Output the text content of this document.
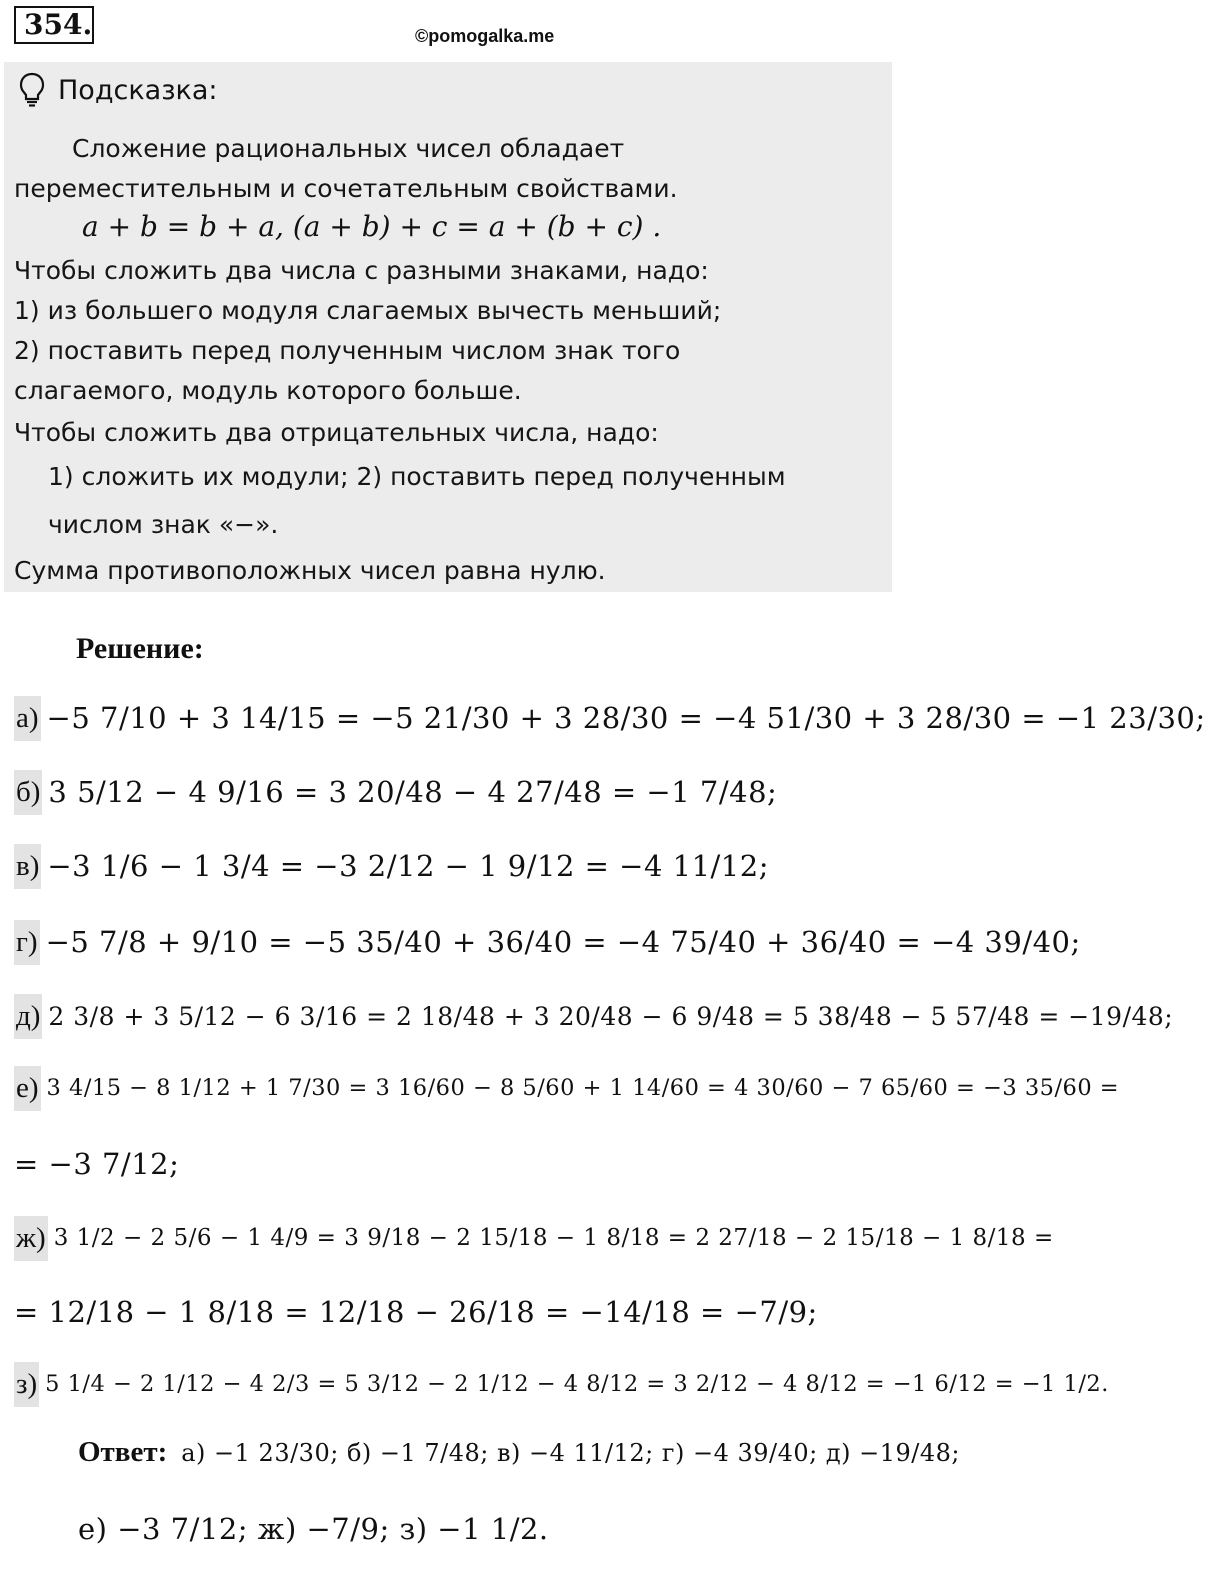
354.	©pomogalka.me
Подсказка:
Сложение рациональных чисел обладает
переместительным и сочетательным свойствами.
a + b = b + a, (a + b) + c = a + (b + c) .
Чтобы сложить два числа с разными знаками, надо:
1) из большего модуля слагаемых вычесть меньший;
2) поставить перед полученным числом знак того
слагаемого, модуль которого больше.
Чтобы сложить два отрицательных числа, надо:
1) сложить их модули; 2) поставить перед полученным
числом знак «−».
Сумма противоположных чисел равна нулю.
Решение:
а) −5 7/10 + 3 14/15 = −5 21/30 + 3 28/30 = −4 51/30 + 3 28/30 = −1 23/30;
б) 3 5/12 − 4 9/16 = 3 20/48 − 4 27/48 = −1 7/48;
в) −3 1/6 − 1 3/4 = −3 2/12 − 1 9/12 = −4 11/12;
г) −5 7/8 + 9/10 = −5 35/40 + 36/40 = −4 75/40 + 36/40 = −4 39/40;
д) 2 3/8 + 3 5/12 − 6 3/16 = 2 18/48 + 3 20/48 − 6 9/48 = 5 38/48 − 5 57/48 = −19/48;
е) 3 4/15 − 8 1/12 + 1 7/30 = 3 16/60 − 8 5/60 + 1 14/60 = 4 30/60 − 7 65/60 = −3 35/60 =
= −3 7/12;
ж) 3 1/2 − 2 5/6 − 1 4/9 = 3 9/18 − 2 15/18 − 1 8/18 = 2 27/18 − 2 15/18 − 1 8/18 =
= 12/18 − 1 8/18 = 12/18 − 26/18 = −14/18 = −7/9;
з) 5 1/4 − 2 1/12 − 4 2/3 = 5 3/12 − 2 1/12 − 4 8/12 = 3 2/12 − 4 8/12 = −1 6/12 = −1 1/2.
Ответ: а) −1 23/30; б) −1 7/48; в) −4 11/12; г) −4 39/40; д) −19/48;
е) −3 7/12; ж) −7/9; з) −1 1/2.
